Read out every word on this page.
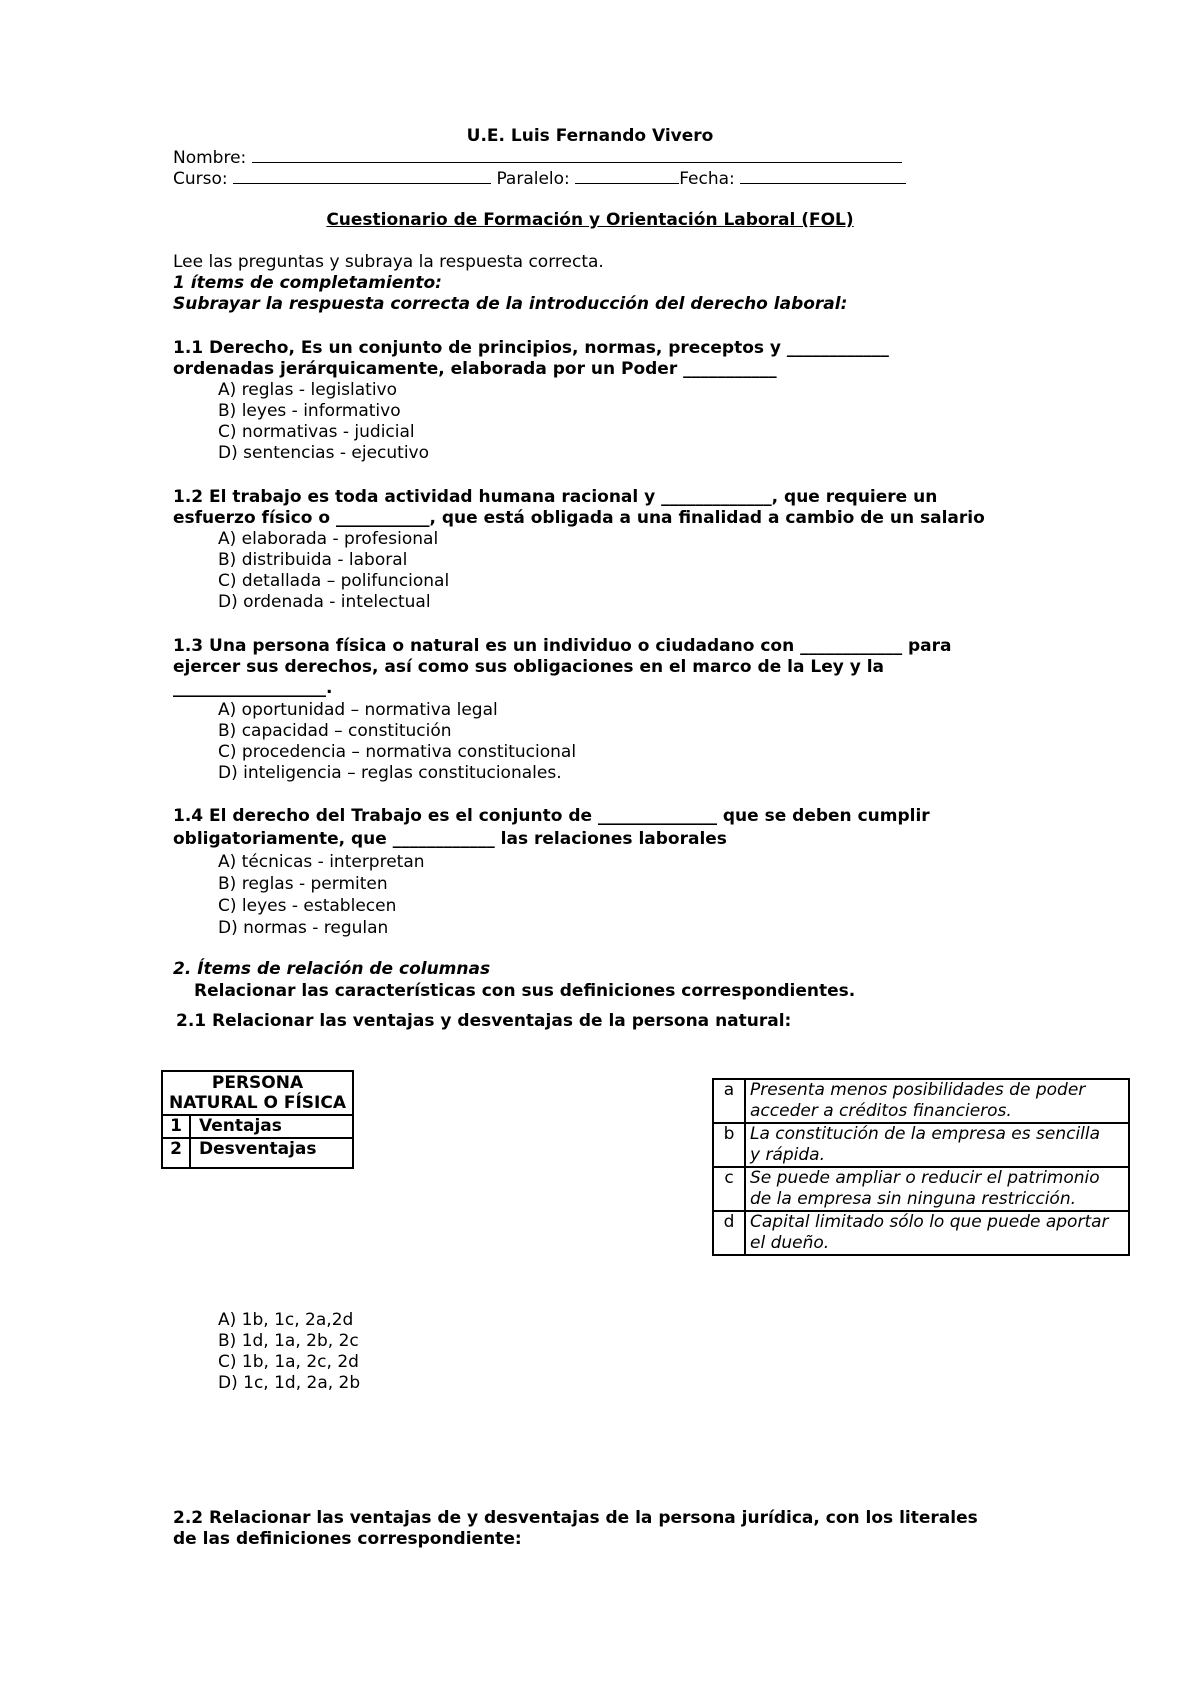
U.E. Luis Fernando Vivero
Nombre:
Curso:	Paralelo:	Fecha:
Cuestionario de Formación y Orientación Laboral (FOL)
Lee las preguntas y subraya la respuesta correcta.
1 ítems de completamiento:
Subrayar la respuesta correcta de la introducción del derecho laboral:
1.1 Derecho, Es un conjunto de principios, normas, preceptos y ____________
ordenadas jerárquicamente, elaborada por un Poder ___________
A) reglas - legislativo
B) leyes - informativo
C) normativas - judicial
D) sentencias - ejecutivo
1.2 El trabajo es toda actividad humana racional y _____________, que requiere un
esfuerzo físico o ___________, que está obligada a una finalidad a cambio de un salario
A) elaborada - profesional
B) distribuida - laboral
C) detallada – polifuncional
D) ordenada - intelectual
1.3 Una persona física o natural es un individuo o ciudadano con ____________ para
ejercer sus derechos, así como sus obligaciones en el marco de la Ley y la
__________________.
A) oportunidad – normativa legal
B) capacidad – constitución
C) procedencia – normativa constitucional
D) inteligencia – reglas constitucionales.
1.4 El derecho del Trabajo es el conjunto de ______________ que se deben cumplir
obligatoriamente, que ____________ las relaciones laborales
A) técnicas - interpretan
B) reglas - permiten
C) leyes - establecen
D) normas - regulan
2. Ítems de relación de columnas
Relacionar las características con sus definiciones correspondientes.
2.1 Relacionar las ventajas y desventajas de la persona natural:
PERSONA NATURAL O FÍSICA	
1	Ventajas
2	Desventajas
a	Presenta menos posibilidades de poder
acceder a créditos financieros.

b	La constitución de la empresa es sencilla
y rápida.

c	Se puede ampliar o reducir el patrimonio
de la empresa sin ninguna restricción.

d	Capital limitado sólo lo que puede aportar
el dueño.
A) 1b, 1c, 2a,2d
B) 1d, 1a, 2b, 2c
C) 1b, 1a, 2c, 2d
D) 1c, 1d, 2a, 2b
2.2 Relacionar las ventajas de y desventajas de la persona jurídica, con los literales
de las definiciones correspondiente:
